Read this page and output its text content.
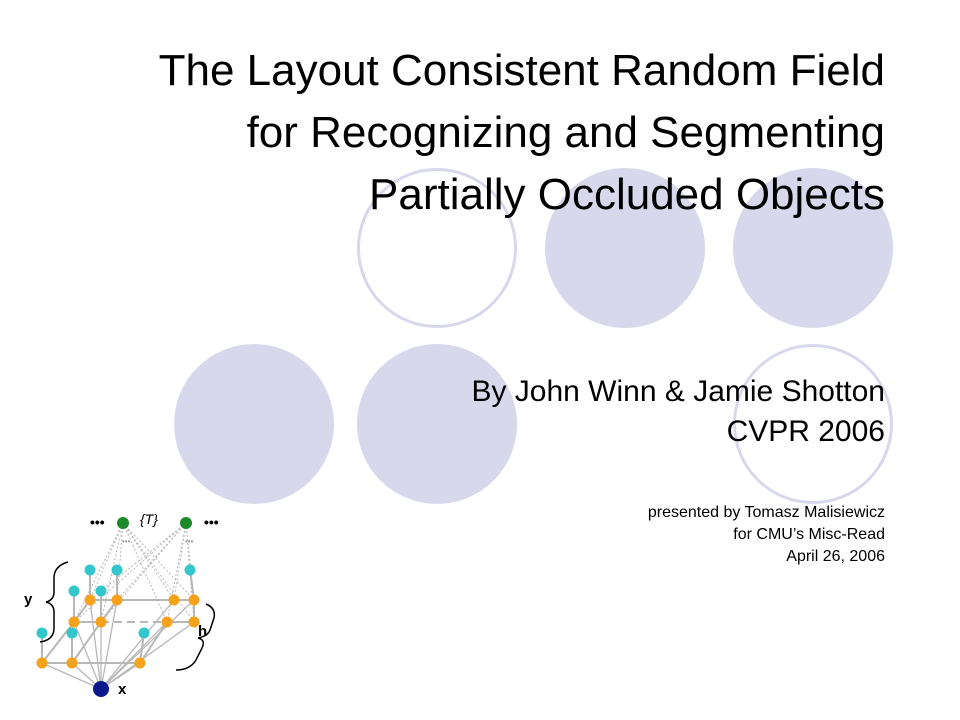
The Layout Consistent Random Field
for Recognizing and Segmenting
Partially Occluded Objects
By John Winn & Jamie Shotton
CVPR 2006
presented by Tomasz Malisiewicz
for CMU’s Misc-Read
April 26, 2006
•••	•••
•••	•••
{T}
y
h
x
